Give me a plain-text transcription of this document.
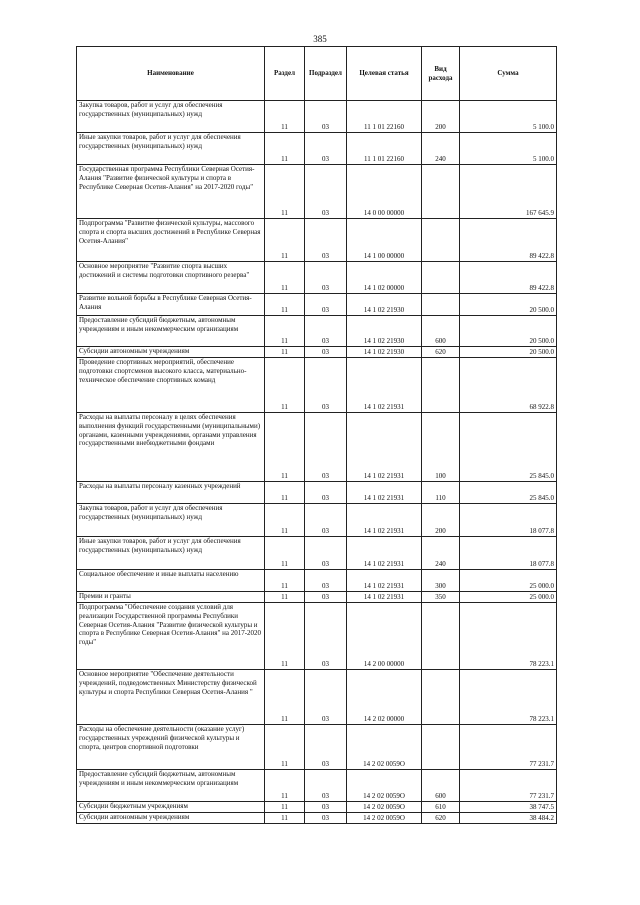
385
Наименование	Раздел	Подраздел	Целевая статья	Вид расхода	Сумма
Закупка товаров, работ и услуг для обеспечения государственных (муниципальных) нужд	11	03	11 1 01 22160	200	5 100.0
Иные закупки товаров, работ и услуг для обеспечения государственных (муниципальных) нужд	11	03	11 1 01 22160	240	5 100.0
Государственная программа Республики Северная Осетия-Алания "Развитие физической культуры и спорта в Республике Северная Осетия-Алания" на 2017-2020 годы"	11	03	14 0 00 00000		167 645.9
Подпрограмма "Развитие физической культуры, массового спорта и спорта высших достижений в Республике Северная Осетия-Алания"	11	03	14 1 00 00000		89 422.8
Основное мероприятие "Развитие спорта высших достижений и системы подготовки спортивного резерва"	11	03	14 1 02 00000		89 422.8
Развитие вольной борьбы в Республике Северная Осетия-Алания	11	03	14 1 02 21930		20 500.0
Предоставление субсидий бюджетным, автономным учреждениям и иным некоммерческим организациям	11	03	14 1 02 21930	600	20 500.0
Субсидии автономным учреждениям	11	03	14 1 02 21930	620	20 500.0
Проведение спортивных мероприятий, обеспечение подготовки спортсменов высокого класса, материально-техническое обеспечение спортивных команд	11	03	14 1 02 21931		68 922.8
Расходы на выплаты персоналу в целях обеспечения выполнения функций государственными (муниципальными) органами, казенными учреждениями, органами управления государственными внебюджетными фондами	11	03	14 1 02 21931	100	25 845.0
Расходы на выплаты персоналу казенных учреждений	11	03	14 1 02 21931	110	25 845.0
Закупка товаров, работ и услуг для обеспечения государственных (муниципальных) нужд	11	03	14 1 02 21931	200	18 077.8
Иные закупки товаров, работ и услуг для обеспечения государственных (муниципальных) нужд	11	03	14 1 02 21931	240	18 077.8
Социальное обеспечение и иные выплаты населению	11	03	14 1 02 21931	300	25 000.0
Премии и гранты	11	03	14 1 02 21931	350	25 000.0
Подпрограмма "Обеспечение создания условий для реализации Государственной программы Республики Северная Осетия-Алания "Развитие физической культуры и спорта в Республике Северная Осетия-Алания" на 2017-2020 годы"	11	03	14 2 00 00000		78 223.1
Основное мероприятие "Обеспечение деятельности учреждений, подведомственных Министерству физической культуры и спорта Республики Северная Осетия-Алания "	11	03	14 2 02 00000		78 223.1
Расходы на обеспечение деятельности (оказание услуг) государственных учреждений физической культуры и спорта, центров спортивной подготовки	11	03	14 2 02 0059O		77 231.7
Предоставление субсидий бюджетным, автономным учреждениям и иным некоммерческим организациям	11	03	14 2 02 0059O	600	77 231.7
Субсидии бюджетным учреждениям	11	03	14 2 02 0059O	610	38 747.5
Субсидии автономным учреждениям	11	03	14 2 02 0059O	620	38 484.2
